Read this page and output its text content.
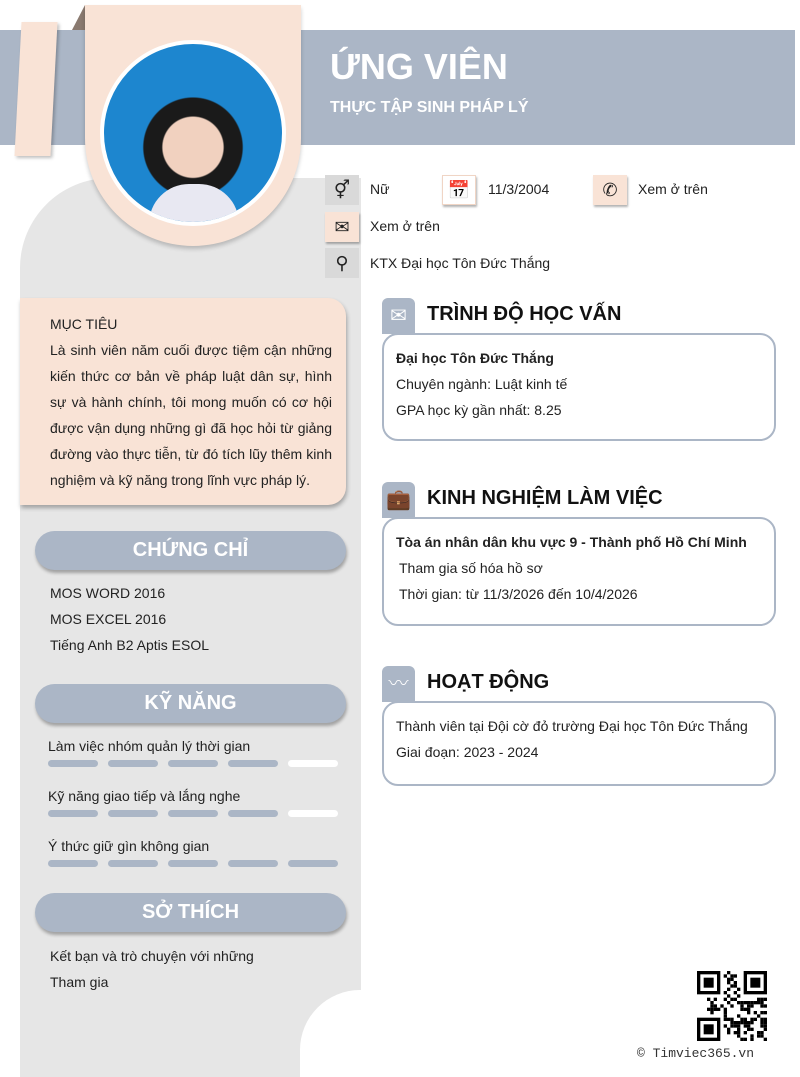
ỨNG VIÊN
THỰC TẬP SINH PHÁP LÝ
⚥	Nữ	📅	11/3/2004	✆	Xem ở trên
✉	Xem ở trên
⚲	KTX Đại học Tôn Đức Thắng
MỤC TIÊU
Là sinh viên năm cuối được tiệm cận những kiến thức cơ bản về pháp luật dân sự, hình sự và hành chính, tôi mong muốn có cơ hội được vận dụng những gì đã học hỏi từ giảng đường vào thực tiễn, từ đó tích lũy thêm kinh nghiệm và kỹ năng trong lĩnh vực pháp lý.
CHỨNG CHỈ
MOS WORD 2016
MOS EXCEL 2016
Tiếng Anh B2 Aptis ESOL
KỸ NĂNG
Làm việc nhóm quản lý thời gian
Kỹ năng giao tiếp và lắng nghe
Ý thức giữ gìn không gian
SỞ THÍCH
Kết bạn và trò chuyện với những
Tham gia
✉	TRÌNH ĐỘ HỌC VẤN
Đại học Tôn Đức Thắng
Chuyên ngành: Luật kinh tế
GPA học kỳ gần nhất: 8.25
💼 KINH NGHIỆM LÀM VIỆC
Tòa án nhân dân khu vực 9 - Thành phố Hồ Chí Minh
Tham gia số hóa hồ sơ
Thời gian: từ 11/3/2026 đến 10/4/2026
〰 HOẠT ĐỘNG
Thành viên tại Đội cờ đỏ trường Đại học Tôn Đức Thắng
Giai đoạn: 2023 - 2024
© Timviec365.vn
